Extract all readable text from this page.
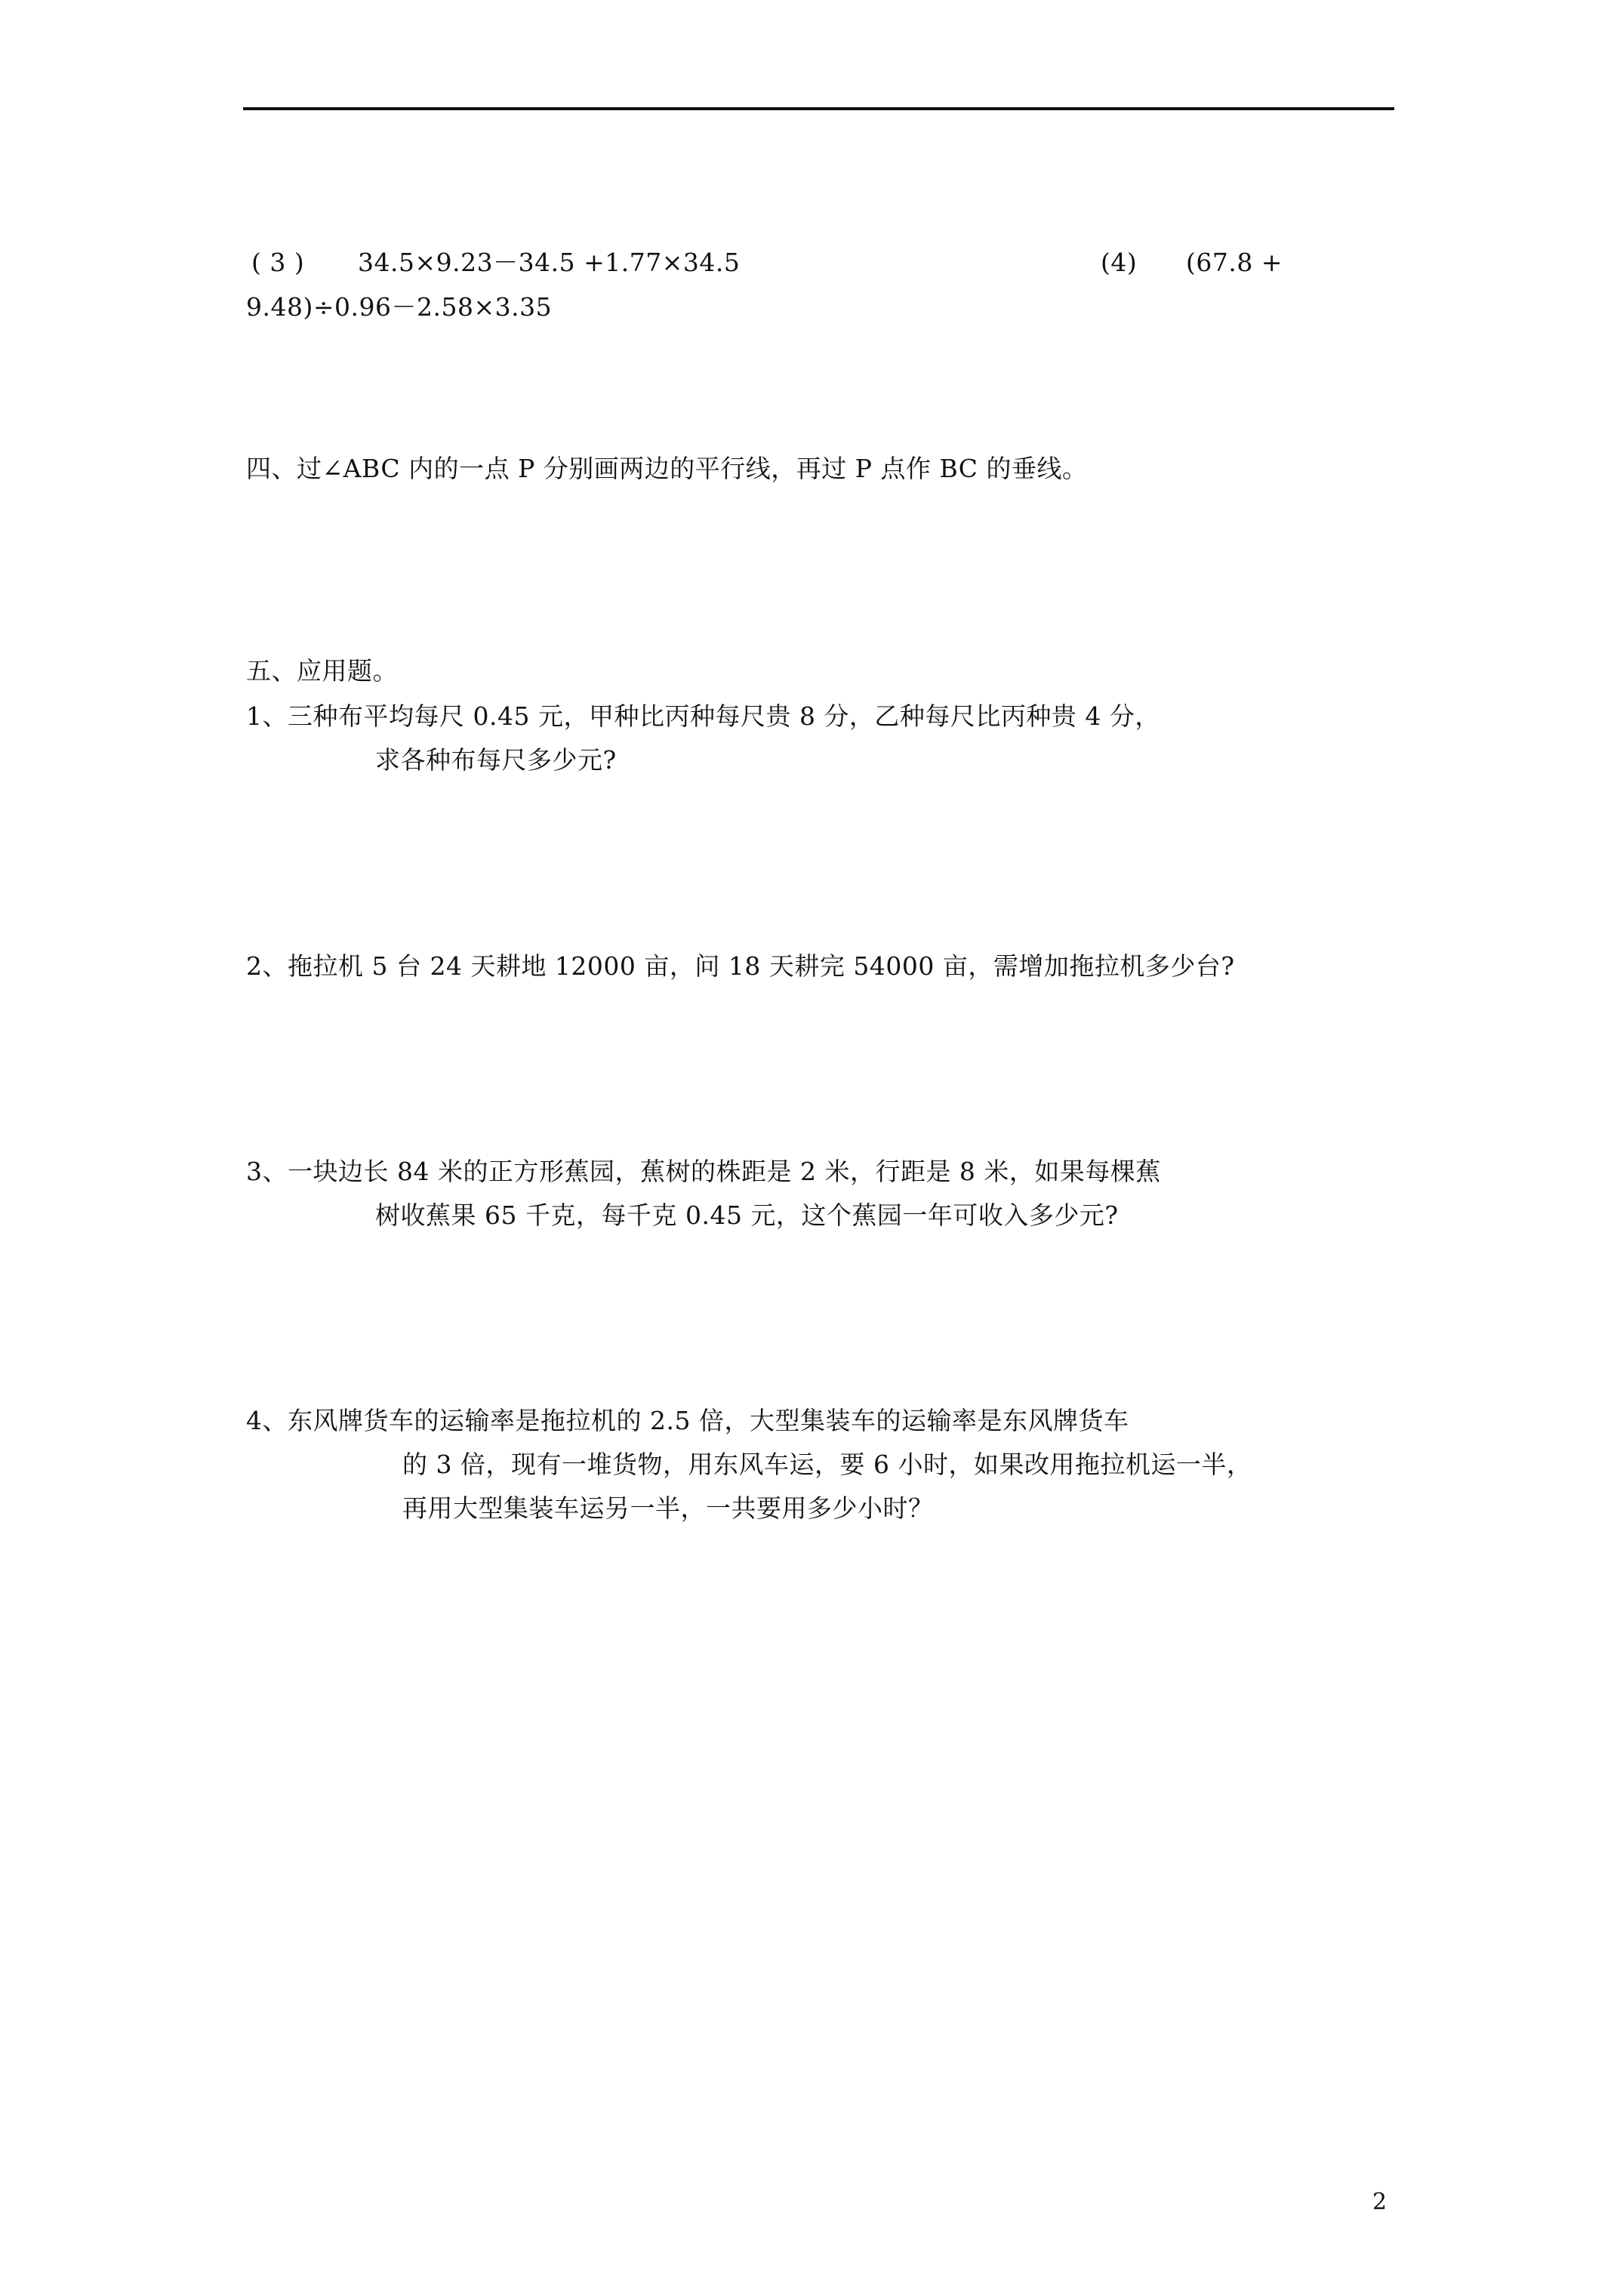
( 3 ) 34.5×9.23－34.5 +1.77×34.5	(4) (67.8 +
9.48)÷0.96－2.58×3.35
四、过∠ABC 内的一点 P 分别画两边的平行线，再过 P 点作 BC 的垂线。
五、应用题。
1、三种布平均每尺 0.45 元，甲种比丙种每尺贵 8 分，乙种每尺比丙种贵 4 分，
求各种布每尺多少元?
2、拖拉机 5 台 24 天耕地 12000 亩，问 18 天耕完 54000 亩，需增加拖拉机多少台?
3、一块边长 84 米的正方形蕉园，蕉树的株距是 2 米，行距是 8 米，如果每棵蕉
树收蕉果 65 千克，每千克 0.45 元，这个蕉园一年可收入多少元?
4、东风牌货车的运输率是拖拉机的 2.5 倍，大型集装车的运输率是东风牌货车
的 3 倍，现有一堆货物，用东风车运，要 6 小时，如果改用拖拉机运一半，
再用大型集装车运另一半，一共要用多少小时？
2
